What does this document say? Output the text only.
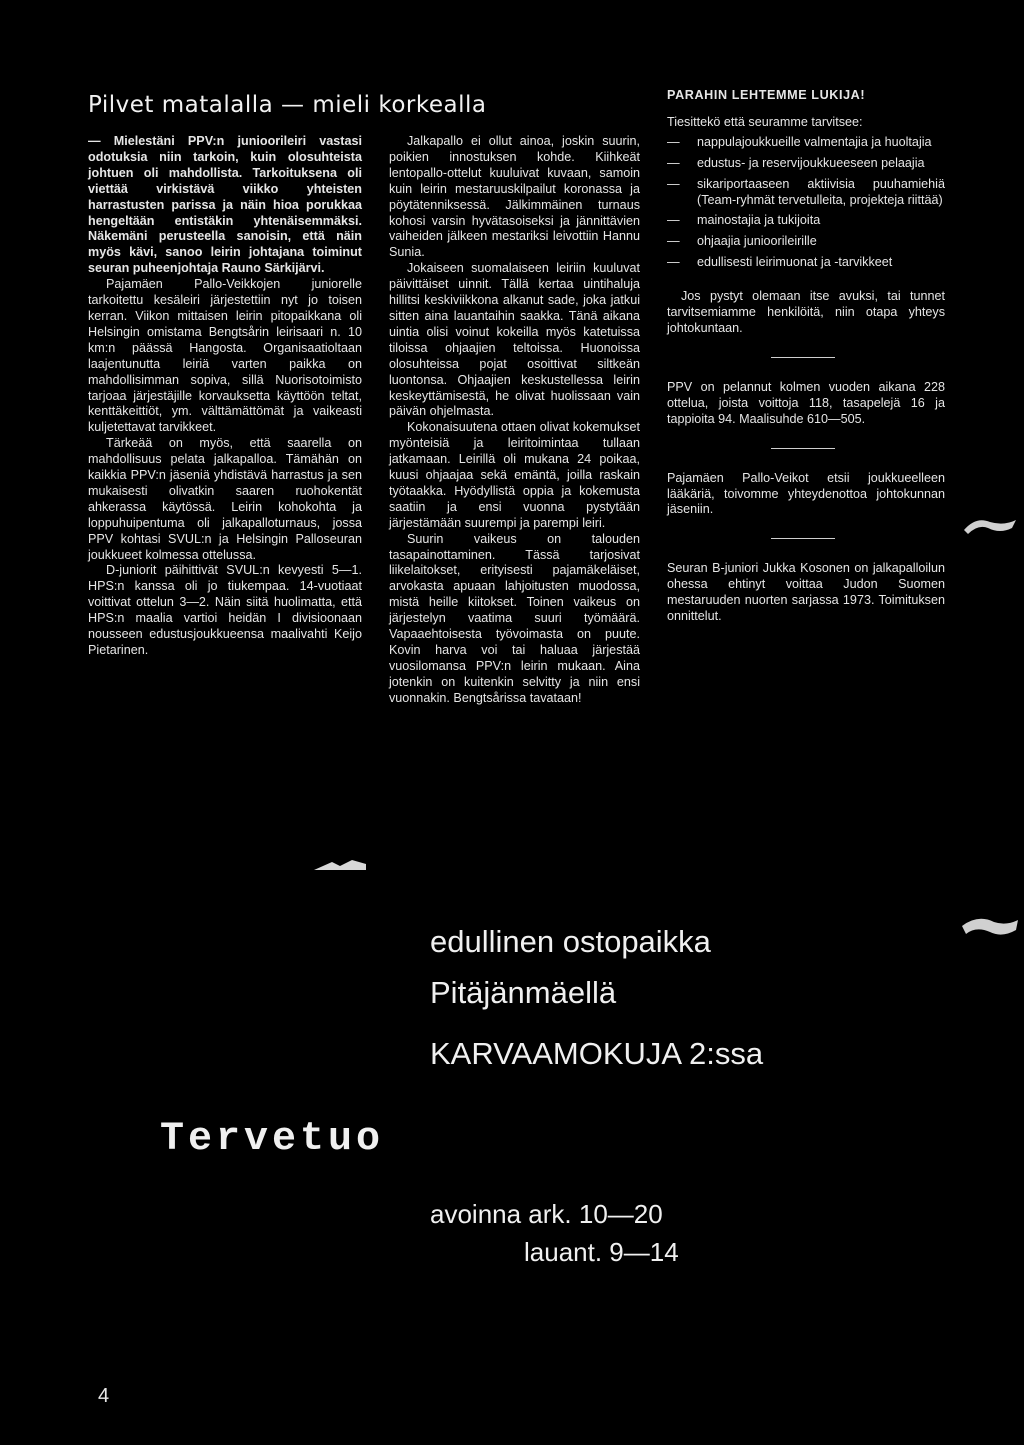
Pilvet matalalla — mieli korkealla

— Mielestäni PPV:n junioorileiri vastasi odotuksia niin tarkoin, kuin olosuhteista johtuen oli mahdollista. Tarkoituksena oli viettää virkistävä viikko yhteisten harrastusten parissa ja näin hioa porukkaa hengeltään entistäkin yhtenäisemmäksi. Näkemäni perusteella sanoisin, että näin myös kävi, sanoo leirin johtajana toiminut seuran puheenjohtaja Rauno Särkijärvi.

Pajamäen Pallo-Veikkojen juniorelle tarkoitettu kesäleiri järjestettiin nyt jo toisen kerran. Viikon mittaisen leirin pitopaikkana oli Helsingin omistama Bengtsårin leirisaari n. 10 km:n päässä Hangosta. Organisaatioltaan laajentunutta leiriä varten paikka on mahdollisimman sopiva, sillä Nuorisotoimisto tarjoaa järjestäjille korvauksetta käyttöön teltat, kenttäkeittiöt, ym. välttämättömät ja vaikeasti kuljetettavat tarvikkeet.

Tärkeää on myös, että saarella on mahdollisuus pelata jalkapalloa. Tämähän on kaikkia PPV:n jäseniä yhdistävä harrastus ja sen mukaisesti olivatkin saaren ruohokentät ahkerassa käytössä. Leirin kohokohta ja loppuhuipentuma oli jalkapalloturnaus, jossa PPV kohtasi SVUL:n ja Helsingin Palloseuran joukkueet kolmessa ottelussa.

D-juniorit päihittivät SVUL:n kevyesti 5—1. HPS:n kanssa oli jo tiukempaa. 14-vuotiaat voittivat ottelun 3—2. Näin siitä huolimatta, että HPS:n maalia vartioi heidän I divisioonaan nousseen edustusjoukkueensa maalivahti Keijo Pietarinen.

Jalkapallo ei ollut ainoa, joskin suurin, poikien innostuksen kohde. Kiihkeät lentopallo-ottelut kuuluivat kuvaan, samoin kuin leirin mestaruuskilpailut koronassa ja pöytätenniksessä. Jälkimmäinen turnaus kohosi varsin hyvätasoiseksi ja jännittävien vaiheiden jälkeen mestariksi leivottiin Hannu Sunia.

Jokaiseen suomalaiseen leiriin kuuluvat päivittäiset uinnit. Tällä kertaa uintihaluja hillitsi keskiviikkona alkanut sade, joka jatkui sitten aina lauantaihin saakka. Tänä aikana uintia olisi voinut kokeilla myös katetuissa tiloissa ohjaajien teltoissa. Huonoissa olosuhteissa pojat osoittivat siltkeän luontonsa. Ohjaajien keskustellessa leirin keskeyttämisestä, he olivat huolissaan vain päivän ohjelmasta.

Kokonaisuutena ottaen olivat kokemukset myönteisiä ja leiritoimintaa tullaan jatkamaan. Leirillä oli mukana 24 poikaa, kuusi ohjaajaa sekä emäntä, joilla raskain työtaakka. Hyödyllistä oppia ja kokemusta saatiin ja ensi vuonna pystytään järjestämään suurempi ja parempi leiri.

Suurin vaikeus on talouden tasapainottaminen. Tässä tarjosivat liikelaitokset, erityisesti pajamäkeläiset, arvokasta apuaan lahjoitusten muodossa, mistä heille kiitokset. Toinen vaikeus on järjestelyn vaatima suuri työmäärä. Vapaaehtoisesta työvoimasta on puute. Kovin harva voi tai haluaa järjestää vuosilomansa PPV:n leirin mukaan. Aina jotenkin on kuitenkin selvitty ja niin ensi vuonnakin. Bengtsårissa tavataan!

PARAHIN LEHTEMME LUKIJA!

Tiesittekö että seuramme tarvitsee:

—	nappulajoukkueille valmentajia ja huoltajia
—	edustus- ja reservijoukkueeseen pelaajia
—	sikariportaaseen aktiivisia puuhamiehiä (Team-ryhmät tervetulleita, projekteja riittää)
—	mainostajia ja tukijoita
—	ohjaajia junioorileirille
—	edullisesti leirimuonat ja -tarvikkeet

Jos pystyt olemaan itse avuksi, tai tunnet tarvitsemiamme henkilöitä, niin otapa yhteys johtokuntaan.

PPV on pelannut kolmen vuoden aikana 228 ottelua, joista voittoja 118, tasapelejä 16 ja tappioita 94. Maalisuhde 610—505.

Pajamäen Pallo-Veikot etsii joukkueelleen lääkäriä, toivomme yhteydenottoa johtokunnan jäseniin.

Seuran B-juniori Jukka Kosonen on jalkapalloilun ohessa ehtinyt voittaa Judon Suomen mestaruuden nuorten sarjassa 1973. Toimituksen onnittelut.

edullinen ostopaikka
Pitäjänmäellä
KARVAAMOKUJA 2:ssa
Tervetuo
avoinna ark. 10—20
lauant. 9—14
4
